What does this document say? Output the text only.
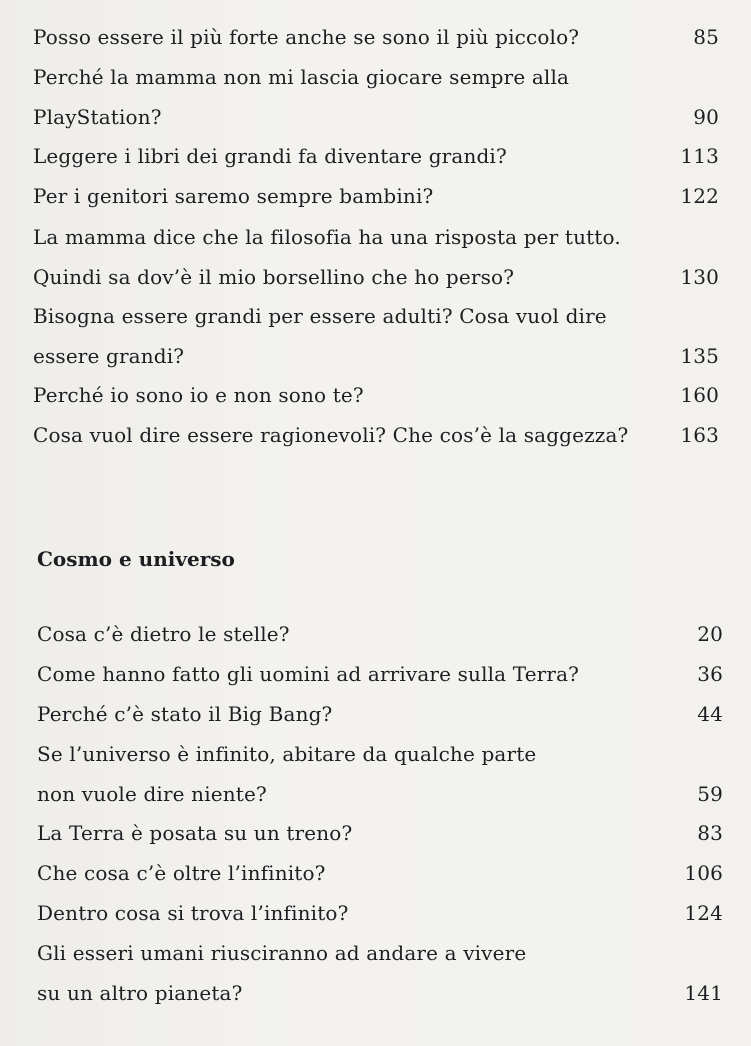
Posso essere il più forte anche se sono il più piccolo?	85
Perché la mamma non mi lascia giocare sempre alla
PlayStation?	90
Leggere i libri dei grandi fa diventare grandi?	113
Per i genitori saremo sempre bambini?	122
La mamma dice che la filosofia ha una risposta per tutto.
Quindi sa dov’è il mio borsellino che ho perso?	130
Bisogna essere grandi per essere adulti? Cosa vuol dire
essere grandi?	135
Perché io sono io e non sono te?	160
Cosa vuol dire essere ragionevoli? Che cos’è la saggezza?	163
Cosmo e universo
Cosa c’è dietro le stelle?	20
Come hanno fatto gli uomini ad arrivare sulla Terra?	36
Perché c’è stato il Big Bang?	44
Se l’universo è infinito, abitare da qualche parte
non vuole dire niente?	59
La Terra è posata su un treno?	83
Che cosa c’è oltre l’infinito?	106
Dentro cosa si trova l’infinito?	124
Gli esseri umani riusciranno ad andare a vivere
su un altro pianeta?	141
